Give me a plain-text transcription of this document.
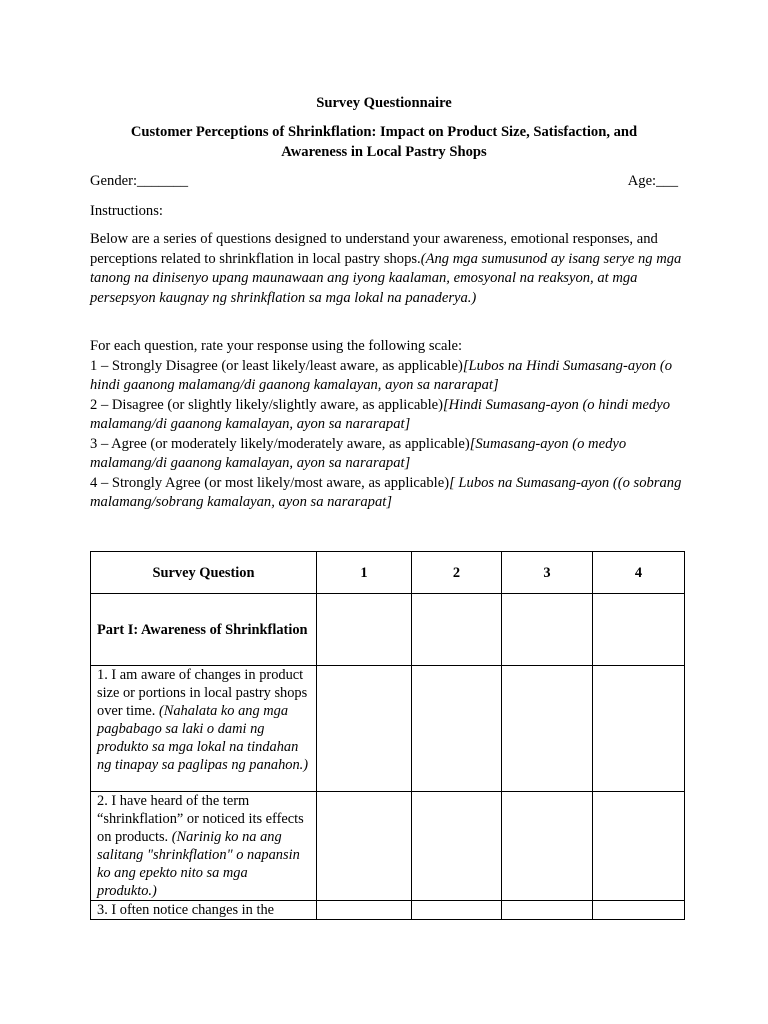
Survey Questionnaire
Customer Perceptions of Shrinkflation: Impact on Product Size, Satisfaction, and
Awareness in Local Pastry Shops
Gender:_______	Age:___
Instructions:
Below are a series of questions designed to understand your awareness, emotional responses, and perceptions related to shrinkflation in local pastry shops.(Ang mga sumusunod ay isang serye ng mga tanong na dinisenyo upang maunawaan ang iyong kaalaman, emosyonal na reaksyon, at mga persepsyon kaugnay ng shrinkflation sa mga lokal na panaderya.)
For each question, rate your response using the following scale:
1 – Strongly Disagree (or least likely/least aware, as applicable)[Lubos na Hindi Sumasang-ayon (o hindi gaanong malamang/di gaanong kamalayan, ayon sa nararapat]
2 – Disagree (or slightly likely/slightly aware, as applicable)[Hindi Sumasang-ayon (o hindi medyo malamang/di gaanong kamalayan, ayon sa nararapat]
3 – Agree (or moderately likely/moderately aware, as applicable)[Sumasang-ayon (o medyo malamang/di gaanong kamalayan, ayon sa nararapat]
4 – Strongly Agree (or most likely/most aware, as applicable)[ Lubos na Sumasang-ayon ((o sobrang malamang/sobrang kamalayan, ayon sa nararapat]
Survey Question	1	2	3	4
Part I: Awareness of Shrinkflation				
1. I am aware of changes in product size or portions in local pastry shops over time. (Nahalata ko ang mga pagbabago sa laki o dami ng produkto sa mga lokal na tindahan ng tinapay sa paglipas ng panahon.)				
2. I have heard of the term “shrinkflation” or noticed its effects on products. (Narinig ko na ang salitang "shrinkflation" o napansin ko ang epekto nito sa mga produkto.)				
3. I often notice changes in the				
